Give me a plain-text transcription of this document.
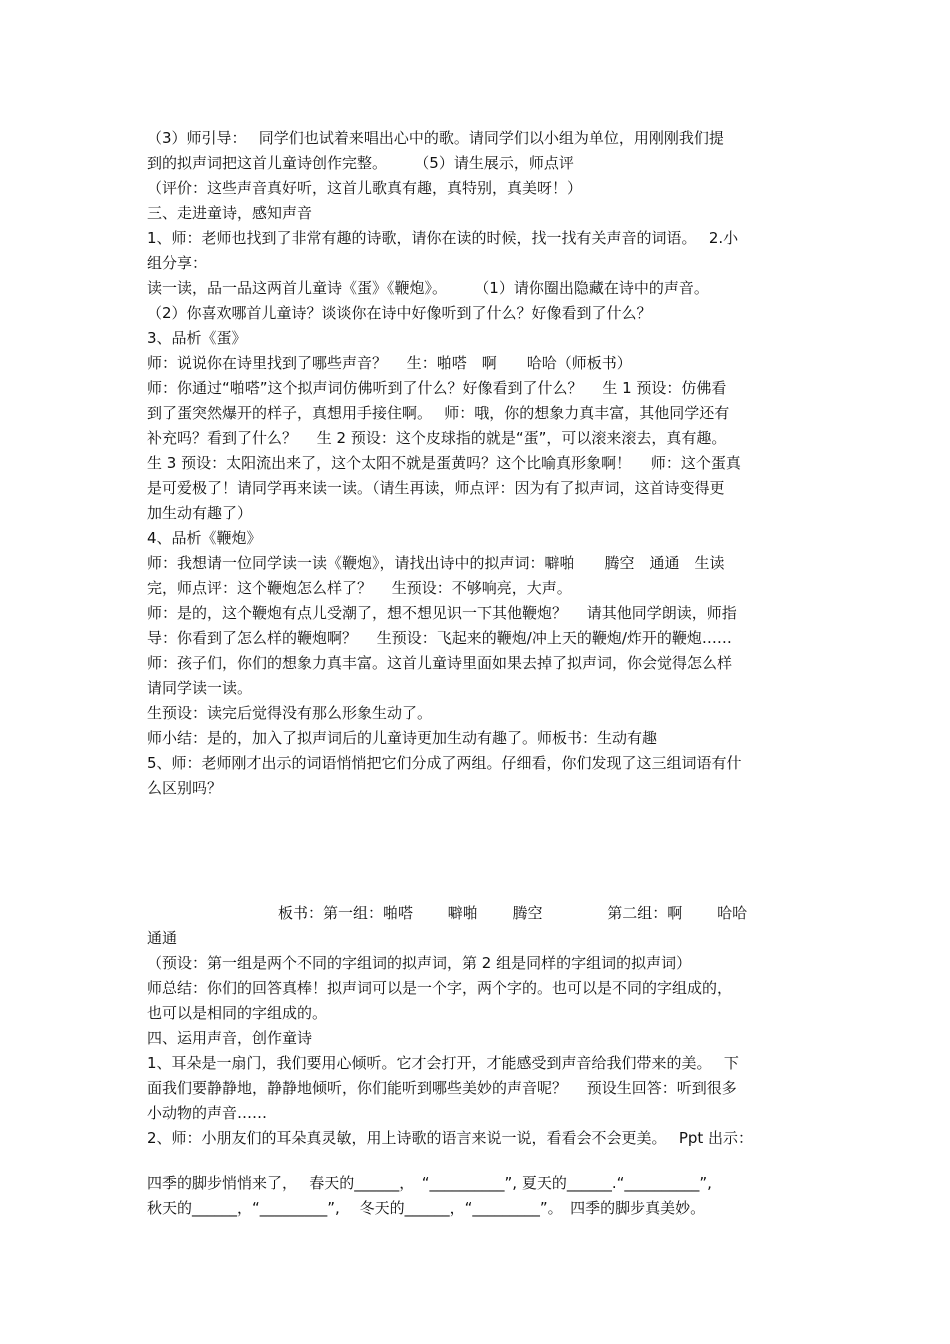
（3）师引导：　 同学们也试着来唱出心中的歌。请同学们以小组为单位，用刚刚我们提
到的拟声词把这首儿童诗创作完整。　　 （5）请生展示，师点评
（评价：这些声音真好听，这首儿歌真有趣，真特别，真美呀！）
三、走进童诗，感知声音
1、师：老师也找到了非常有趣的诗歌，请你在读的时候，找一找有关声音的词语。　 2.小
组分享：
读一读，品一品这两首儿童诗《蛋》《鞭炮》。　　 （1）请你圈出隐藏在诗中的声音。
（2）你喜欢哪首儿童诗？谈谈你在诗中好像听到了什么？好像看到了什么？
3、品析《蛋》
师：说说你在诗里找到了哪些声音？　 生：啪嗒　啊　　哈哈（师板书）
师：你通过“啪嗒”这个拟声词仿佛听到了什么？好像看到了什么？　 生 1 预设：仿佛看
到了蛋突然爆开的样子，真想用手接住啊。　 师：哦，你的想象力真丰富，其他同学还有
补充吗？看到了什么？　 生 2 预设：这个皮球指的就是“蛋”，可以滚来滚去，真有趣。
生 3 预设：太阳流出来了，这个太阳不就是蛋黄吗？这个比喻真形象啊！　 师：这个蛋真
是可爱极了！请同学再来读一读。（请生再读，师点评：因为有了拟声词，这首诗变得更
加生动有趣了）
4、品析《鞭炮》
师：我想请一位同学读一读《鞭炮》，请找出诗中的拟声词：噼啪　　腾空　通通　生读
完，师点评：这个鞭炮怎么样了？　 生预设：不够响亮，大声。
师：是的，这个鞭炮有点儿受潮了，想不想见识一下其他鞭炮？　 请其他同学朗读，师指
导：你看到了怎么样的鞭炮啊？　 生预设：飞起来的鞭炮/冲上天的鞭炮/炸开的鞭炮……
师：孩子们，你们的想象力真丰富。这首儿童诗里面如果去掉了拟声词，你会觉得怎么样
请同学读一读。
生预设：读完后觉得没有那么形象生动了。
师小结：是的，加入了拟声词后的儿童诗更加生动有趣了。师板书：生动有趣
5、师：老师刚才出示的词语悄悄把它们分成了两组。仔细看，你们发现了这三组词语有什
么区别吗？
板书：第一组：啪嗒　　 噼啪　　 腾空　　　　 第二组：啊　　 哈哈
通通
（预设：第一组是两个不同的字组词的拟声词，第 2 组是同样的字组词的拟声词）
师总结：你们的回答真棒！拟声词可以是一个字，两个字的。也可以是不同的字组成的，
也可以是相同的字组成的。
四、运用声音，创作童诗
1、耳朵是一扇门，我们要用心倾听。它才会打开，才能感受到声音给我们带来的美。　 下
面我们要静静地，静静地倾听，你们能听到哪些美妙的声音呢？　 预设生回答：听到很多
小动物的声音……
2、师：小朋友们的耳朵真灵敏，用上诗歌的语言来说一说，看看会不会更美。　 Ppt 出示：
四季的脚步悄悄来了，　 春天的______，　“__________”, 夏天的______.“__________”,
秋天的______，“_________”,　 冬天的______，“_________”。　四季的脚步真美妙。
